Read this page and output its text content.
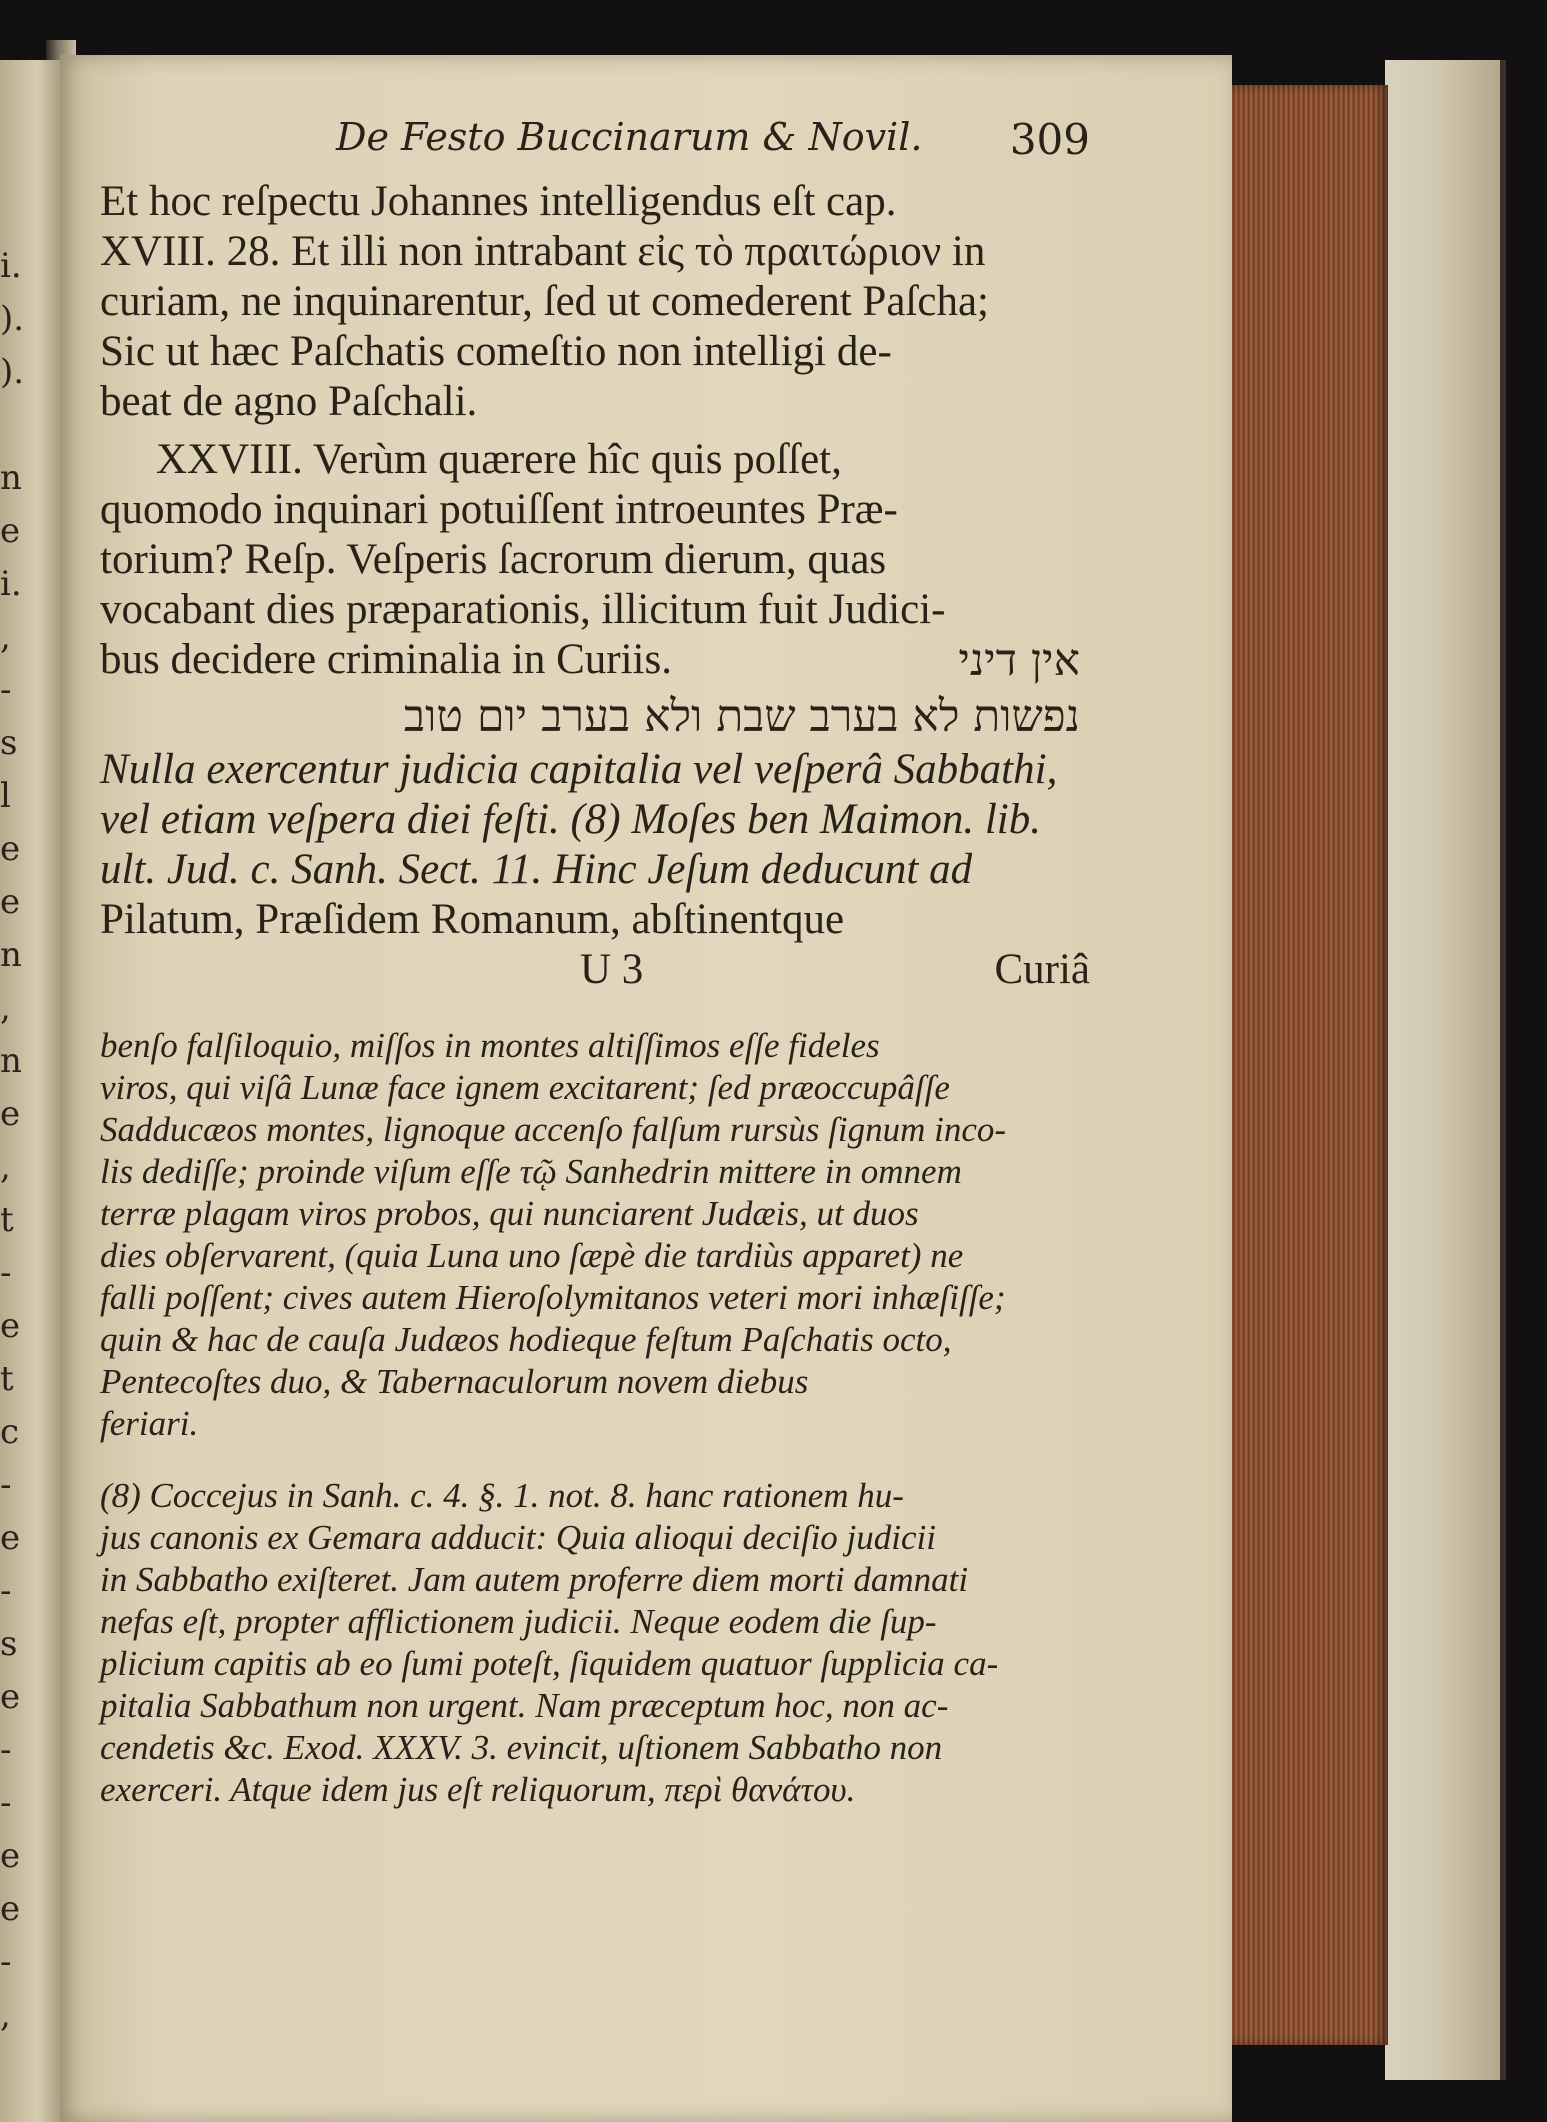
i.
).
).

n
e
i.
,
-
s
l
e
e
n
,
n
e
,
t
-
e
t
c
-
e
-
s
e
-
-
e
e
-
,
De Festo Buccinarum & Novil. 309

Et hoc reſpectu Johannes intelligendus eſt cap.
XVIII. 28. Et illi non intrabant εἰς τὸ πραιτώριον in
curiam, ne inquinarentur, ſed ut comederent Paſcha;
Sic ut hæc Paſchatis comeſtio non intelligi de-
beat de agno Paſchali.

XXVIII. Verùm quærere hîc quis poſſet,
quomodo inquinari potuiſſent introeuntes Præ-
torium? Reſp. Veſperis ſacrorum dierum, quas
vocabant dies præparationis, illicitum fuit Judici-
bus decidere criminalia in Curiis.	אין דיני
נפשות לא בערב שבת ולא בערב יום טוב

Nulla exercentur judicia capitalia vel veſperâ Sabbathi,
vel etiam veſpera diei feſti. (8) Moſes ben Maimon. lib.
ult. Jud. c. Sanh. Sect. 11. Hinc Jeſum deducunt ad
Pilatum, Præſidem Romanum, abſtinentque

U 3	Curiâ
benſo falſiloquio, miſſos in montes altiſſimos eſſe fideles
viros, qui viſâ Lunæ face ignem excitarent; ſed præoccupâſſe
Sadducæos montes, lignoque accenſo falſum rursùs ſignum inco-
lis dediſſe; proinde viſum eſſe τῷ Sanhedrin mittere in omnem
terræ plagam viros probos, qui nunciarent Judæis, ut duos
dies obſervarent, (quia Luna uno ſæpè die tardiùs apparet) ne
falli poſſent; cives autem Hieroſolymitanos veteri mori inhæſiſſe;
quin & hac de cauſa Judæos hodieque feſtum Paſchatis octo,
Pentecoſtes duo, & Tabernaculorum novem diebus
feriari.
(8) Coccejus in Sanh. c. 4. §. 1. not. 8. hanc rationem hu-
jus canonis ex Gemara adducit: Quia alioqui deciſio judicii
in Sabbatho exiſteret. Jam autem proferre diem morti damnati
nefas eſt, propter afflictionem judicii. Neque eodem die ſup-
plicium capitis ab eo ſumi poteſt, ſiquidem quatuor ſupplicia ca-
pitalia Sabbathum non urgent. Nam præceptum hoc, non ac-
cendetis &c. Exod. XXXV. 3. evincit, uſtionem Sabbatho non
exerceri. Atque idem jus eſt reliquorum, περὶ θανάτου.
